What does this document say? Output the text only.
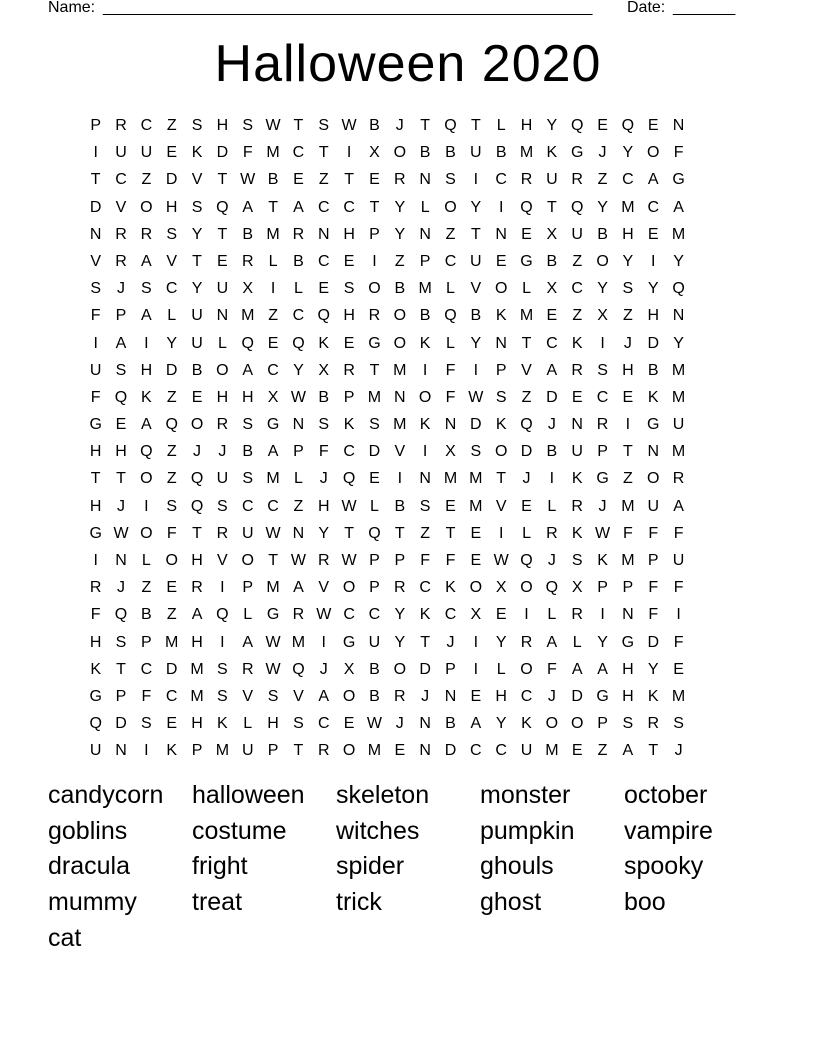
Name: _______________________________________________________ Date: _______
Halloween 2020
P R C Z S H S W T S W B	J	T Q T	L H Y Q E Q E N
I	U U E K D F M C T	I	X O B B U B M K G J	Y O F
T C Z D V T W B E Z T E R N S	I	C R U R Z C A G
D V O H S Q A T A C C T Y L O Y	I	Q T Q Y M C A
N R R S Y T B M R N H P Y N Z T N E X U B H E M
V R A V T E R L B C E	I	Z P C U E G B Z O Y	I	Y
S	J	S C Y U X	I	L E S O B M L V O L X C Y S Y Q
F P A L U N M Z C Q H R O B Q B K M E Z X Z H N
I	A	I	Y U L Q E Q K E G O K L Y N T C K	I	J D Y
U S H D B O A C Y X R T M	I	F	I	P V A R S H B M
F Q K Z E H H X W B P M N O F W S Z D E C E K M
G E A Q O R S G N S K S M K N D K Q J N R	I	G U
H H Q Z	J	J	B A P F C D V	I	X S O D B U P T N M
T T O Z Q U S M L	J Q E	I	N M M T	J	I	K G Z O R
H J	I	S Q S C C Z H W L B S E M V E L R J M U A
G W O F T R U W N Y T Q T Z T E	I	L R K W F F F
I	N L O H V O T W R W P P F F E W Q J	S K M P U
R J	Z E R	I	P M A V O P R C K O X O Q X P P F F
F Q B Z A Q L G R W C C Y K C X E	I	L R	I	N F	I
H S P M H	I	A W M	I	G U Y T	J	I	Y R A L Y G D F
K T C D M S R W Q J	X B O D P	I	L O F A A H Y E
G P F C M S V S V A O B R J N E H C J D G H K M
Q D S E H K L H S C E W J N B A Y K O O P S R S
U N	I	K P M U P T R O M E N D C C U M E Z A T	J
candycorn	halloween	skeleton	monster	october
goblins	costume	witches	pumpkin	vampire
dracula	fright	spider	ghouls	spooky
mummy	treat	trick	ghost	boo
cat
